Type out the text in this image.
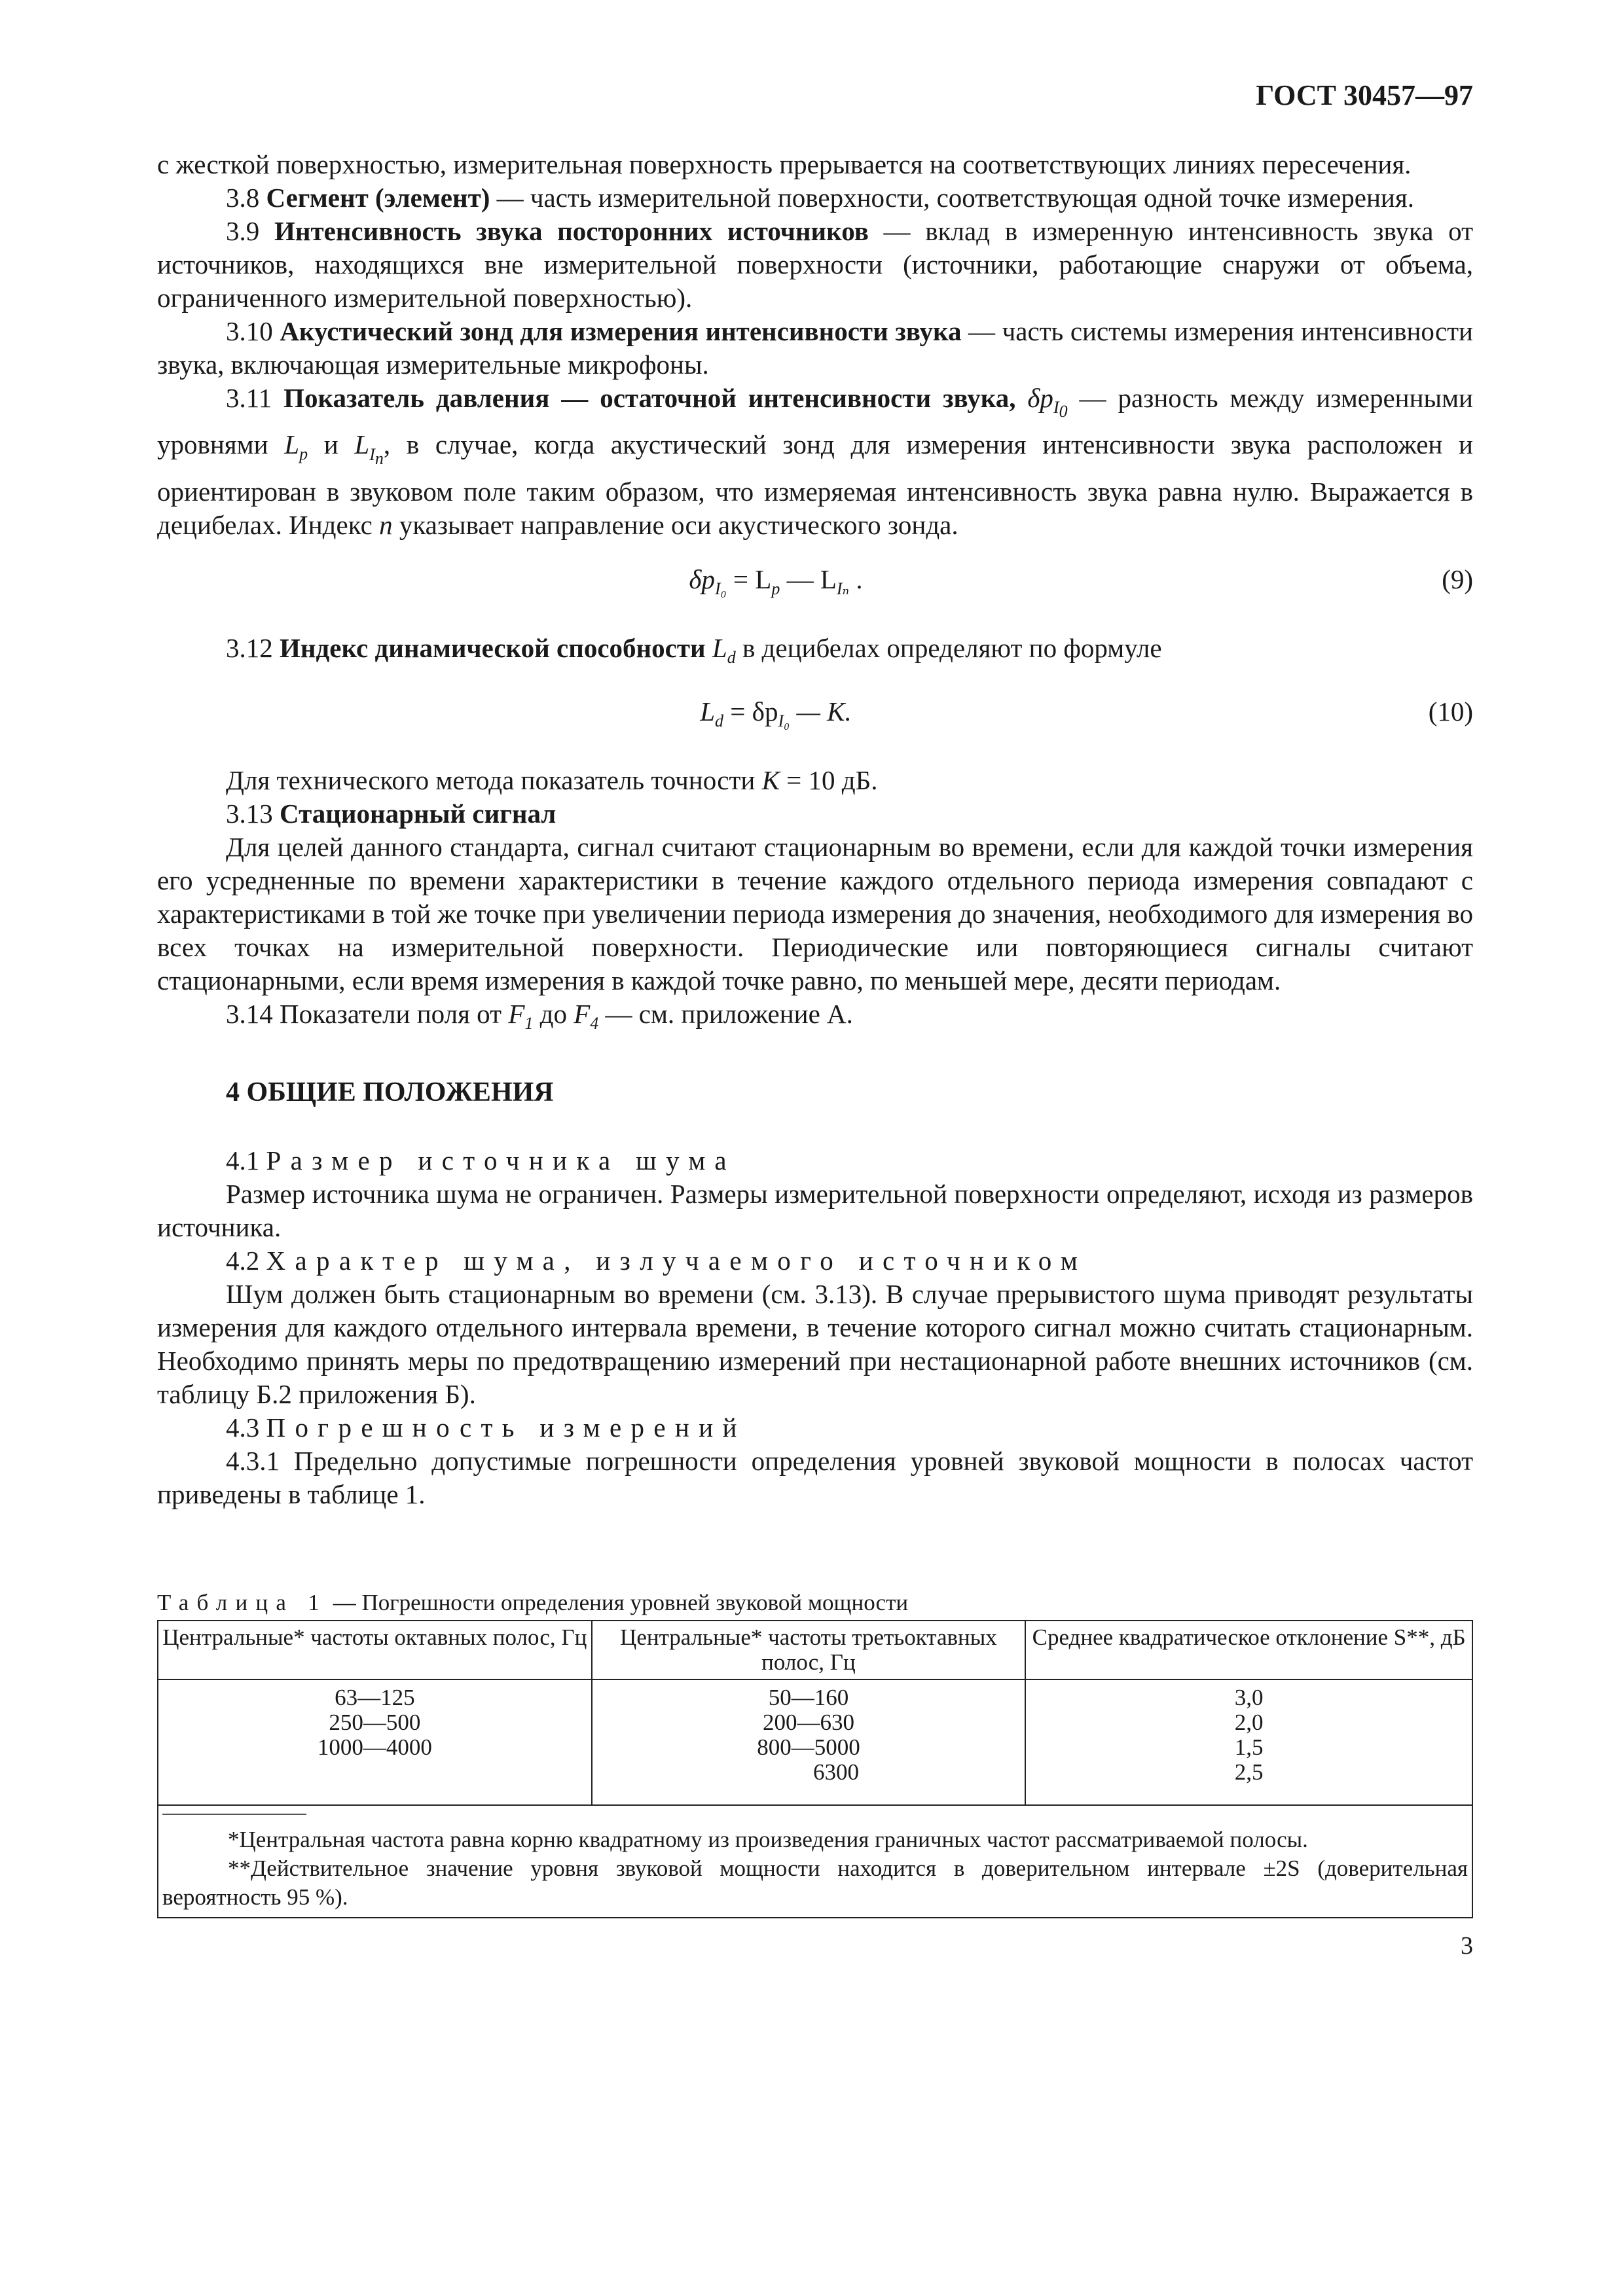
ГОСТ 30457—97

с жесткой поверхностью, измерительная поверхность прерывается на соответствующих линиях пересечения.

3.8 Сегмент (элемент) — часть измерительной поверхности, соответствующая одной точке измерения.

3.9 Интенсивность звука посторонних источников — вклад в измеренную интенсивность звука от источников, находящихся вне измерительной поверхности (источники, работающие снаружи от объема, ограниченного измерительной поверхностью).

3.10 Акустический зонд для измерения интенсивности звука — часть системы измерения интенсивности звука, включающая измерительные микрофоны.

3.11 Показатель давления — остаточной интенсивности звука, $\delta p_{I_0}$ — разность между измеренными уровнями $L_p$ и $L_{I_n}$, в случае, когда акустический зонд для измерения интенсивности звука расположен и ориентирован в звуковом поле таким образом, что измеряемая интенсивность звука равна нулю. Выражается в децибелах. Индекс n указывает направление оси акустического зонда.

$\delta p_{I_0} = L_p$ — $L_{I_n}$ .	(9)

3.12 Индекс динамической способности $L_d$ в децибелах определяют по формуле

$L_d = \delta p_{I_0}$ — K.	(10)

Для технического метода показатель точности K = 10 дБ.

3.13 Стационарный сигнал

Для целей данного стандарта, сигнал считают стационарным во времени, если для каждой точки измерения его усредненные по времени характеристики в течение каждого отдельного периода измерения совпадают с характеристиками в той же точке при увеличении периода измерения до значения, необходимого для измерения во всех точках на измерительной поверхности. Периодические или повторяющиеся сигналы считают стационарными, если время измерения в каждой точке равно, по меньшей мере, десяти периодам.

3.14 Показатели поля от $F_1$ до $F_4$ — см. приложение А.

4 ОБЩИЕ ПОЛОЖЕНИЯ

4.1 Размер источника шума

Размер источника шума не ограничен. Размеры измерительной поверхности определяют, исходя из размеров источника.

4.2 Характер шума, излучаемого источником

Шум должен быть стационарным во времени (см. 3.13). В случае прерывистого шума приводят результаты измерения для каждого отдельного интервала времени, в течение которого сигнал можно считать стационарным. Необходимо принять меры по предотвращению измерений при нестационарной работе внешних источников (см. таблицу Б.2 приложения Б).

4.3 Погрешность измерений

4.3.1 Предельно допустимые погрешности определения уровней звуковой мощности в полосах частот приведены в таблице 1.

Таблица 1 — Погрешности определения уровней звуковой мощности
Центральные* частоты октавных полос, Гц	Центральные* частоты третьоктавных полос, Гц	Среднее квадратическое отклонение S**, дБ
63—125	50—160	3,0
250—500	200—630	2,0
1000—4000	800—5000	1,5
	6300	2,5

*Центральная частота равна корню квадратному из произведения граничных частот рассматриваемой полосы.

**Действительное значение уровня звуковой мощности находится в доверительном интервале ±2S (доверительная вероятность 95 %).		

3
